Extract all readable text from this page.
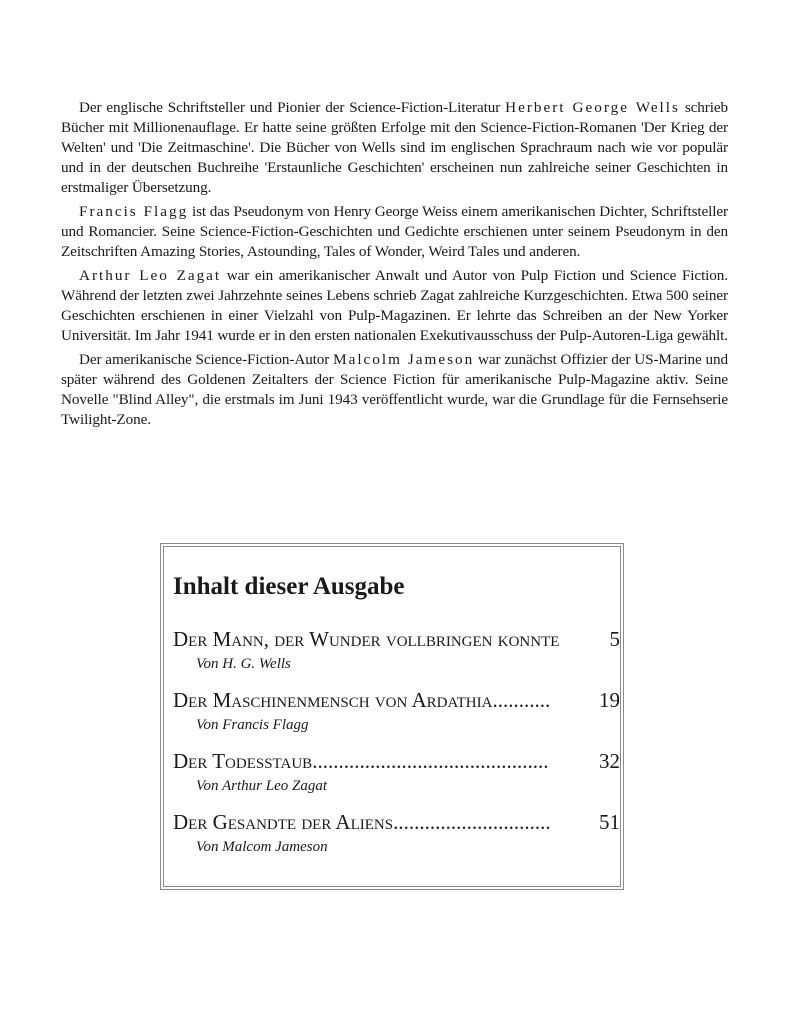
Der englische Schriftsteller und Pionier der Science-Fiction-Literatur Herbert George Wells schrieb Bücher mit Millionenauflage. Er hatte seine größten Erfolge mit den Science-Fiction-Romanen 'Der Krieg der Welten' und 'Die Zeitmaschine'. Die Bücher von Wells sind im englischen Sprachraum nach wie vor populär und in der deutschen Buchreihe 'Erstaunliche Geschichten' erscheinen nun zahlreiche seiner Geschichten in erstmaliger Übersetzung.

Francis Flagg ist das Pseudonym von Henry George Weiss einem amerikanischen Dichter, Schriftsteller und Romancier. Seine Science-Fiction-Geschichten und Gedichte erschienen unter seinem Pseudonym in den Zeitschriften Amazing Stories, Astounding, Tales of Wonder, Weird Tales und anderen.

Arthur Leo Zagat war ein amerikanischer Anwalt und Autor von Pulp Fiction und Science Fiction. Während der letzten zwei Jahrzehnte seines Lebens schrieb Zagat zahlreiche Kurzgeschichten. Etwa 500 seiner Geschichten erschienen in einer Vielzahl von Pulp-Magazinen. Er lehrte das Schreiben an der New Yorker Universität. Im Jahr 1941 wurde er in den ersten nationalen Exekutivausschuss der Pulp-Autoren-Liga gewählt.

Der amerikanische Science-Fiction-Autor Malcolm Jameson war zunächst Offizier der US-Marine und später während des Goldenen Zeitalters der Science Fiction für amerikanische Pulp-Magazine aktiv. Seine Novelle "Blind Alley", die erstmals im Juni 1943 veröffentlicht wurde, war die Grundlage für die Fernsehserie Twilight-Zone.

Inhalt dieser Ausgabe
Der Mann, der Wunder vollbringen konnte 5
Von H. G. Wells
Der Maschinenmensch von Ardathia ...........	19
Von Francis Flagg
Der Todesstaub .............................................	32
Von Arthur Leo Zagat
Der Gesandte der Aliens ..............................	51
Von Malcom Jameson
